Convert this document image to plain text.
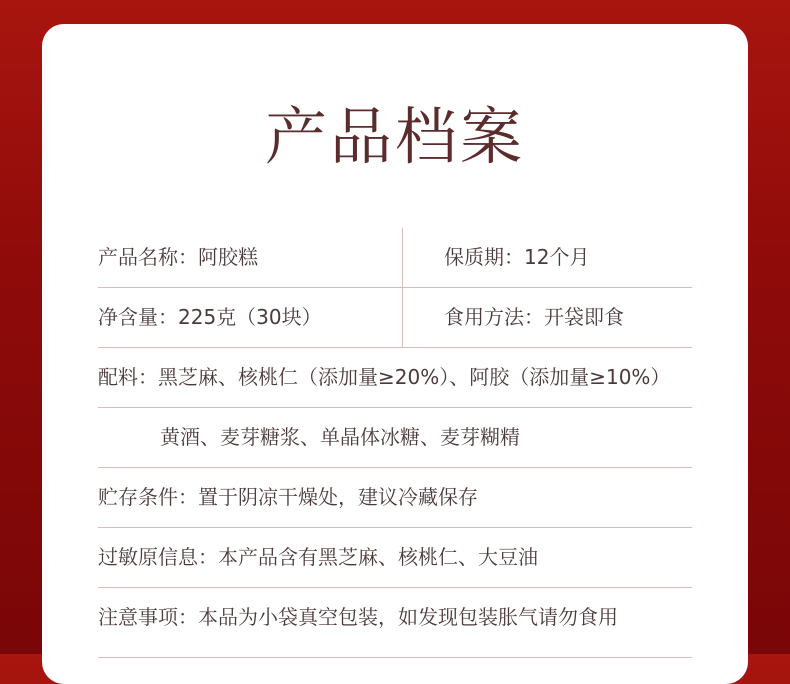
产品档案
产品名称：阿胶糕	保质期：12个月
净含量：225克（30块）	食用方法：开袋即食
配料：黑芝麻、核桃仁（添加量≥20%）、阿胶（添加量≥10%）
黄酒、麦芽糖浆、单晶体冰糖、麦芽糊精
贮存条件：置于阴凉干燥处，建议冷藏保存
过敏原信息：本产品含有黑芝麻、核桃仁、大豆油
注意事项：本品为小袋真空包装，如发现包装胀气请勿食用
